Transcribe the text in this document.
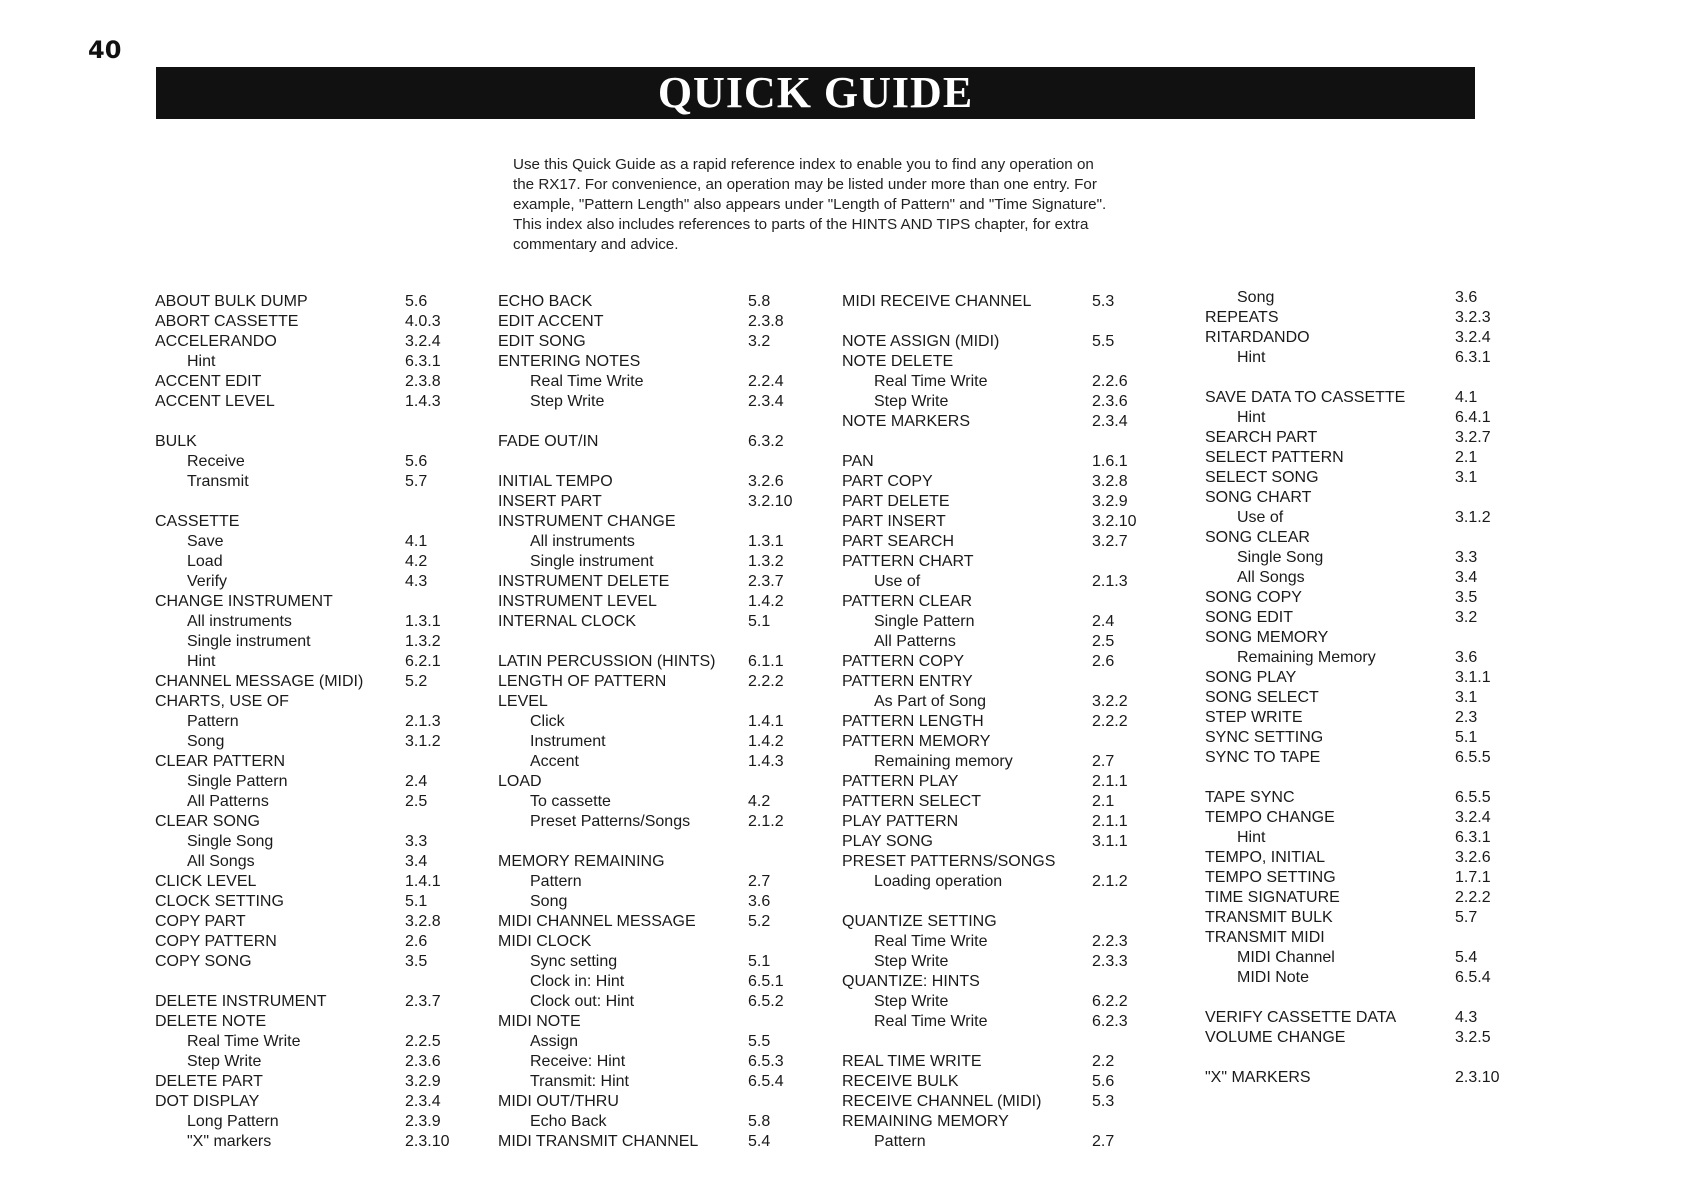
40
QUICK GUIDE
Use this Quick Guide as a rapid reference index to enable you to find any operation on
the RX17. For convenience, an operation may be listed under more than one entry. For
example, "Pattern Length" also appears under "Length of Pattern" and "Time Signature".
This index also includes references to parts of the HINTS AND TIPS chapter, for extra
commentary and advice.
ABOUT BULK DUMP	5.6
ABORT CASSETTE	4.0.3
ACCELERANDO	3.2.4
Hint	6.3.1
ACCENT EDIT	2.3.8
ACCENT LEVEL	1.4.3
BULK
Receive	5.6
Transmit	5.7
CASSETTE
Save	4.1
Load	4.2
Verify	4.3
CHANGE INSTRUMENT
All instruments	1.3.1
Single instrument	1.3.2
Hint	6.2.1
CHANNEL MESSAGE (MIDI)	5.2
CHARTS, USE OF
Pattern	2.1.3
Song	3.1.2
CLEAR PATTERN
Single Pattern	2.4
All Patterns	2.5
CLEAR SONG
Single Song	3.3
All Songs	3.4
CLICK LEVEL	1.4.1
CLOCK SETTING	5.1
COPY PART	3.2.8
COPY PATTERN	2.6
COPY SONG	3.5
DELETE INSTRUMENT	2.3.7
DELETE NOTE
Real Time Write	2.2.5
Step Write	2.3.6
DELETE PART	3.2.9
DOT DISPLAY	2.3.4
Long Pattern	2.3.9
"X" markers	2.3.10
ECHO BACK	5.8
EDIT ACCENT	2.3.8
EDIT SONG	3.2
ENTERING NOTES
Real Time Write	2.2.4
Step Write	2.3.4
FADE OUT/IN	6.3.2
INITIAL TEMPO	3.2.6
INSERT PART	3.2.10
INSTRUMENT CHANGE
All instruments	1.3.1
Single instrument	1.3.2
INSTRUMENT DELETE	2.3.7
INSTRUMENT LEVEL	1.4.2
INTERNAL CLOCK	5.1
LATIN PERCUSSION (HINTS) 6.1.1
LENGTH OF PATTERN	2.2.2
LEVEL
Click	1.4.1
Instrument	1.4.2
Accent	1.4.3
LOAD
To cassette	4.2
Preset Patterns/Songs	2.1.2
MEMORY REMAINING
Pattern	2.7
Song	3.6
MIDI CHANNEL MESSAGE	5.2
MIDI CLOCK
Sync setting	5.1
Clock in: Hint	6.5.1
Clock out: Hint	6.5.2
MIDI NOTE
Assign	5.5
Receive: Hint	6.5.3
Transmit: Hint	6.5.4
MIDI OUT/THRU
Echo Back	5.8
MIDI TRANSMIT CHANNEL	5.4
MIDI RECEIVE CHANNEL	5.3
NOTE ASSIGN (MIDI)	5.5
NOTE DELETE
Real Time Write	2.2.6
Step Write	2.3.6
NOTE MARKERS	2.3.4
PAN	1.6.1
PART COPY	3.2.8
PART DELETE	3.2.9
PART INSERT	3.2.10
PART SEARCH	3.2.7
PATTERN CHART
Use of	2.1.3
PATTERN CLEAR
Single Pattern	2.4
All Patterns	2.5
PATTERN COPY	2.6
PATTERN ENTRY
As Part of Song	3.2.2
PATTERN LENGTH	2.2.2
PATTERN MEMORY
Remaining memory	2.7
PATTERN PLAY	2.1.1
PATTERN SELECT	2.1
PLAY PATTERN	2.1.1
PLAY SONG	3.1.1
PRESET PATTERNS/SONGS
Loading operation	2.1.2
QUANTIZE SETTING
Real Time Write	2.2.3
Step Write	2.3.3
QUANTIZE: HINTS
Step Write	6.2.2
Real Time Write	6.2.3
REAL TIME WRITE	2.2
RECEIVE BULK	5.6
RECEIVE CHANNEL (MIDI)	5.3
REMAINING MEMORY
Pattern	2.7
Song	3.6
REPEATS	3.2.3
RITARDANDO	3.2.4
Hint	6.3.1
SAVE DATA TO CASSETTE	4.1
Hint	6.4.1
SEARCH PART	3.2.7
SELECT PATTERN	2.1
SELECT SONG	3.1
SONG CHART
Use of	3.1.2
SONG CLEAR
Single Song	3.3
All Songs	3.4
SONG COPY	3.5
SONG EDIT	3.2
SONG MEMORY
Remaining Memory	3.6
SONG PLAY	3.1.1
SONG SELECT	3.1
STEP WRITE	2.3
SYNC SETTING	5.1
SYNC TO TAPE	6.5.5
TAPE SYNC	6.5.5
TEMPO CHANGE	3.2.4
Hint	6.3.1
TEMPO, INITIAL	3.2.6
TEMPO SETTING	1.7.1
TIME SIGNATURE	2.2.2
TRANSMIT BULK	5.7
TRANSMIT MIDI
MIDI Channel	5.4
MIDI Note	6.5.4
VERIFY CASSETTE DATA	4.3
VOLUME CHANGE	3.2.5
"X" MARKERS	2.3.10
